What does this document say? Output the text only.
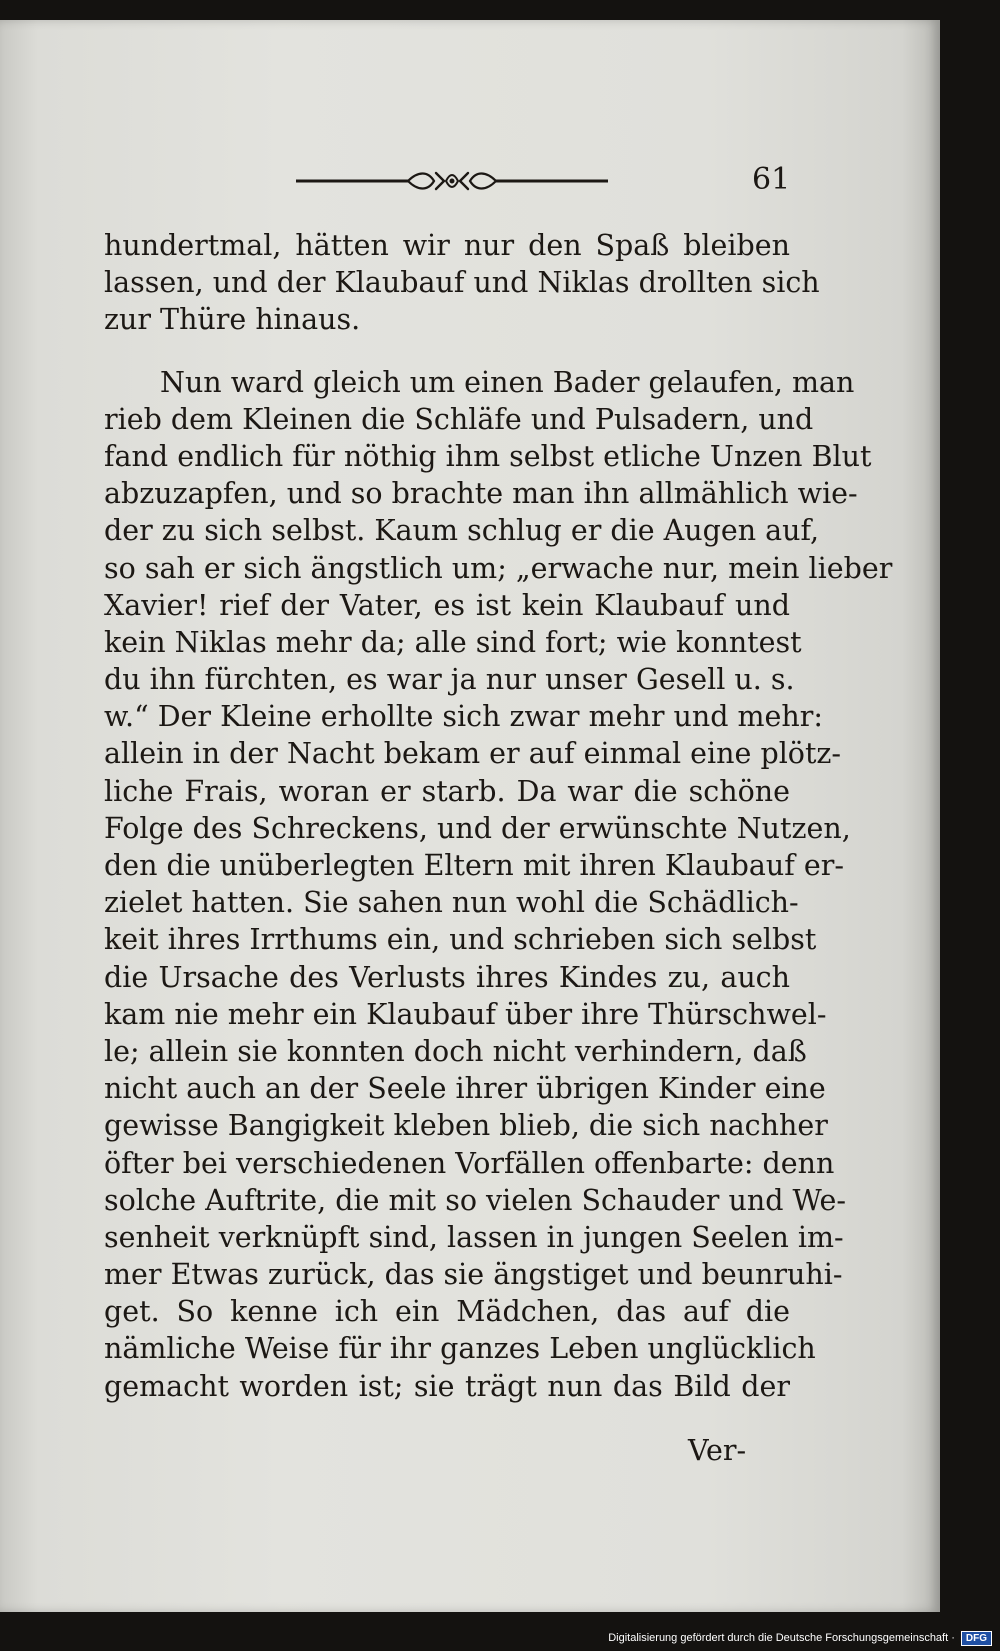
61
hundertmal, hätten wir nur den Spaß bleiben
lassen, und der Klaubauf und Niklas drollten sich
zur Thüre hinaus.
Nun ward gleich um einen Bader gelaufen, man
rieb dem Kleinen die Schläfe und Pulsadern, und
fand endlich für nöthig ihm selbst etliche Unzen Blut
abzuzapfen, und so brachte man ihn allmählich wie-
der zu sich selbst. Kaum schlug er die Augen auf,
so sah er sich ängstlich um; „erwache nur, mein lieber
Xavier! rief der Vater, es ist kein Klaubauf und
kein Niklas mehr da; alle sind fort; wie konntest
du ihn fürchten, es war ja nur unser Gesell u. s.
w.“ Der Kleine erhollte sich zwar mehr und mehr:
allein in der Nacht bekam er auf einmal eine plötz-
liche Frais, woran er starb. Da war die schöne
Folge des Schreckens, und der erwünschte Nutzen,
den die unüberlegten Eltern mit ihren Klaubauf er-
zielet hatten. Sie sahen nun wohl die Schädlich-
keit ihres Irrthums ein, und schrieben sich selbst
die Ursache des Verlusts ihres Kindes zu, auch
kam nie mehr ein Klaubauf über ihre Thürschwel-
le; allein sie konnten doch nicht verhindern, daß
nicht auch an der Seele ihrer übrigen Kinder eine
gewisse Bangigkeit kleben blieb, die sich nachher
öfter bei verschiedenen Vorfällen offenbarte: denn
solche Auftrite, die mit so vielen Schauder und We-
senheit verknüpft sind, lassen in jungen Seelen im-
mer Etwas zurück, das sie ängstiget und beunruhi-
get. So kenne ich ein Mädchen, das auf die
nämliche Weise für ihr ganzes Leben unglücklich
gemacht worden ist; sie trägt nun das Bild der
Ver-
Digitalisierung gefördert durch die Deutsche Forschungsgemeinschaft ·	DFG
